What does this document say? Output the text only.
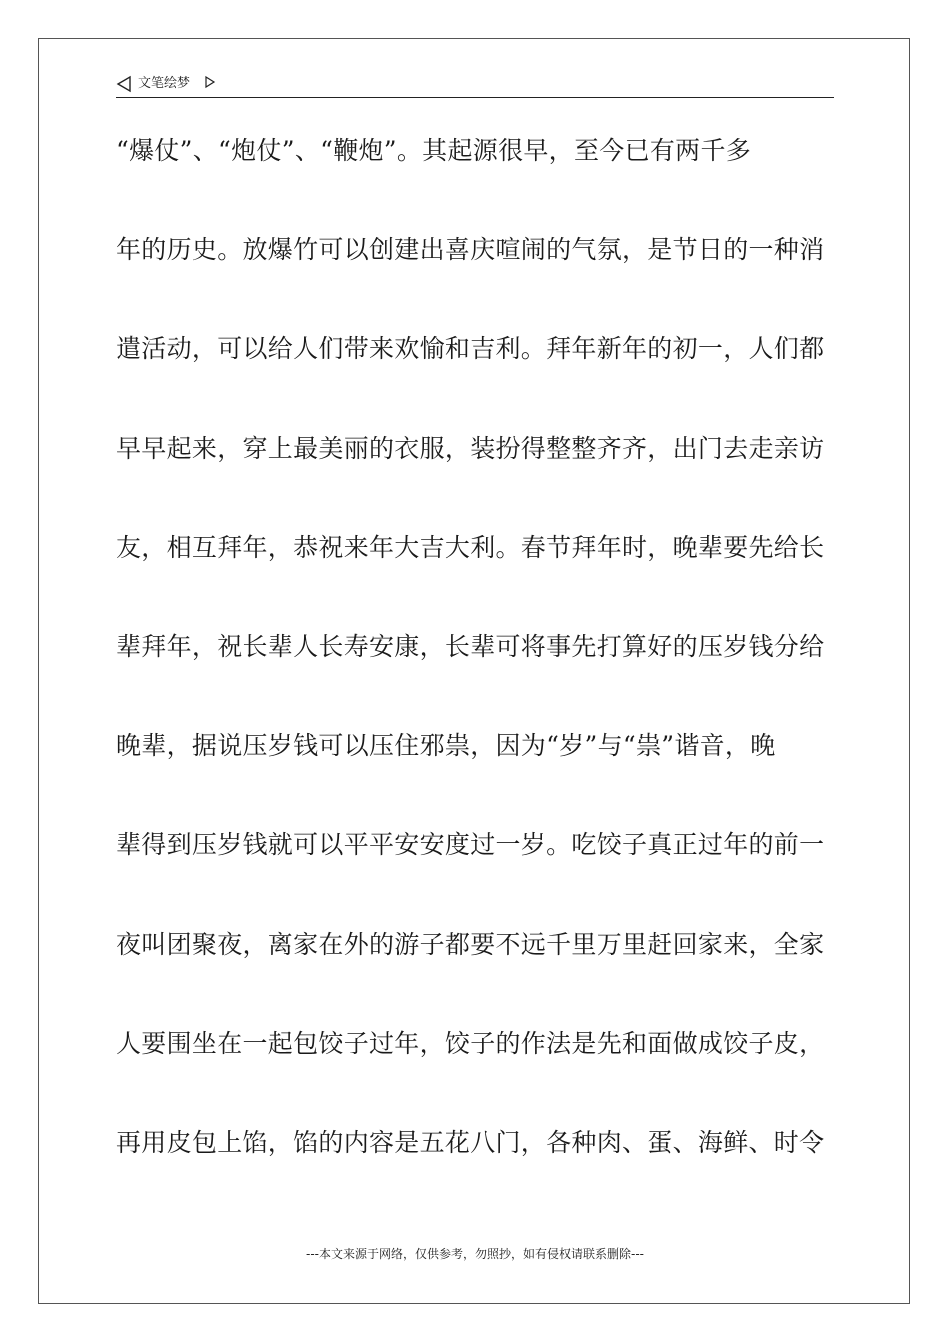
文笔绘梦
“爆仗”、“炮仗”、“鞭炮”。其起源很早，至今已有两千多
年的历史。放爆竹可以创建出喜庆喧闹的气氛，是节日的一种消
遣活动，可以给人们带来欢愉和吉利。拜年新年的初一，人们都
早早起来，穿上最美丽的衣服，装扮得整整齐齐，出门去走亲访
友，相互拜年，恭祝来年大吉大利。春节拜年时，晚辈要先给长
辈拜年，祝长辈人长寿安康，长辈可将事先打算好的压岁钱分给
晚辈，据说压岁钱可以压住邪祟，因为“岁”与“祟”谐音，晚
辈得到压岁钱就可以平平安安度过一岁。吃饺子真正过年的前一
夜叫团聚夜，离家在外的游子都要不远千里万里赶回家来，全家
人要围坐在一起包饺子过年，饺子的作法是先和面做成饺子皮，
再用皮包上馅，馅的内容是五花八门，各种肉、蛋、海鲜、时令
---本文来源于网络，仅供参考，勿照抄，如有侵权请联系删除---
